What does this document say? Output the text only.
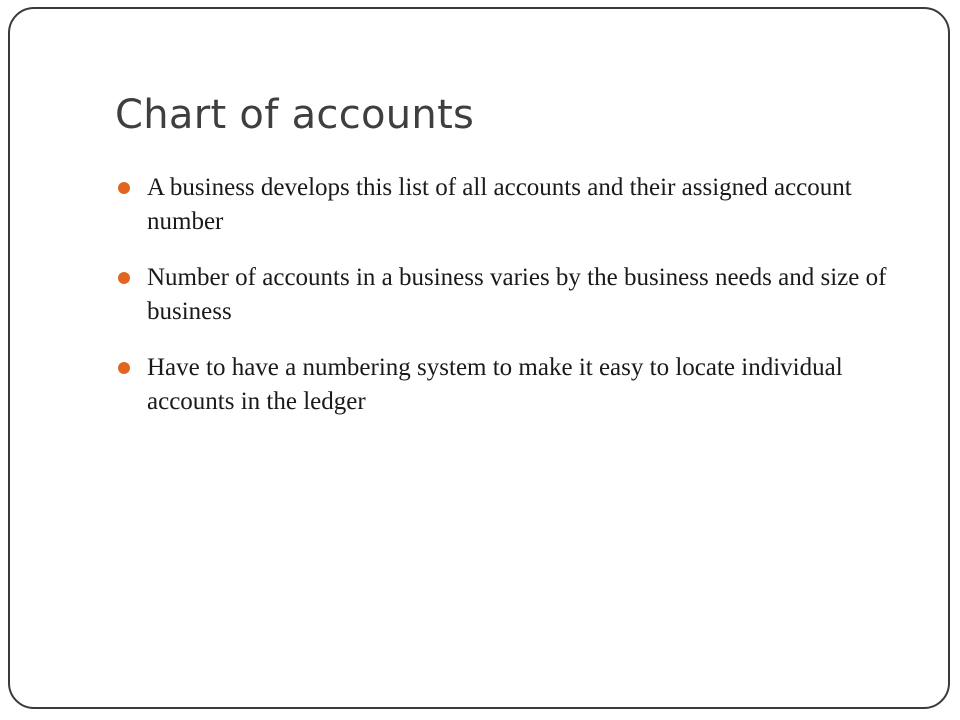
Chart of accounts
A business develops this list of all accounts and their assigned account number
Number of accounts in a business varies by the business needs and size of business
Have to have a numbering system to make it easy to locate individual accounts in the ledger
